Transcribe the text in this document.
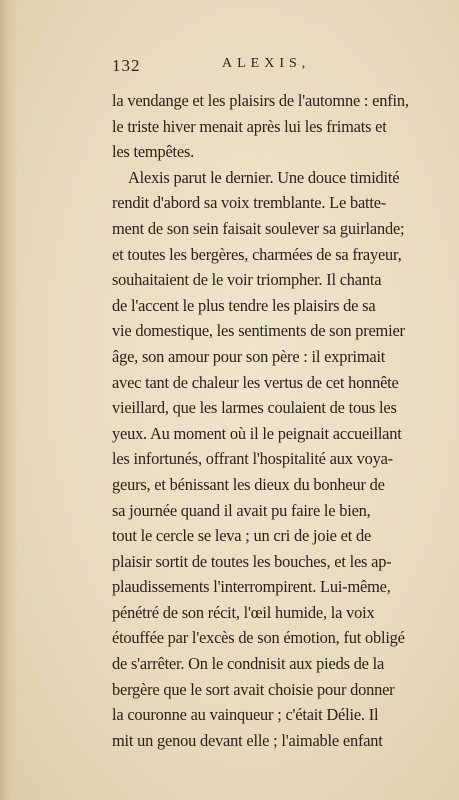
132	ALEXIS,
la vendange et les plaisirs de l'automne : enfin,
le triste hiver menait après lui les frimats et
les tempêtes.
Alexis parut le dernier. Une douce timidité
rendit d'abord sa voix tremblante. Le batte-
ment de son sein faisait soulever sa guirlande;
et toutes les bergères, charmées de sa frayeur,
souhaitaient de le voir triompher. Il chanta
de l'accent le plus tendre les plaisirs de sa
vie domestique, les sentiments de son premier
âge, son amour pour son père : il exprimait
avec tant de chaleur les vertus de cet honnête
vieillard, que les larmes coulaient de tous les
yeux. Au moment où il le peignait accueillant
les infortunés, offrant l'hospitalité aux voya-
geurs, et bénissant les dieux du bonheur de
sa journée quand il avait pu faire le bien,
tout le cercle se leva ; un cri de joie et de
plaisir sortit de toutes les bouches, et les ap-
plaudissements l'interrompirent. Lui-même,
pénétré de son récit, l'œil humide, la voix
étouffée par l'excès de son émotion, fut obligé
de s'arrêter. On le condnisit aux pieds de la
bergère que le sort avait choisie pour donner
la couronne au vainqueur ; c'était Délie. Il
mit un genou devant elle ; l'aimable enfant
